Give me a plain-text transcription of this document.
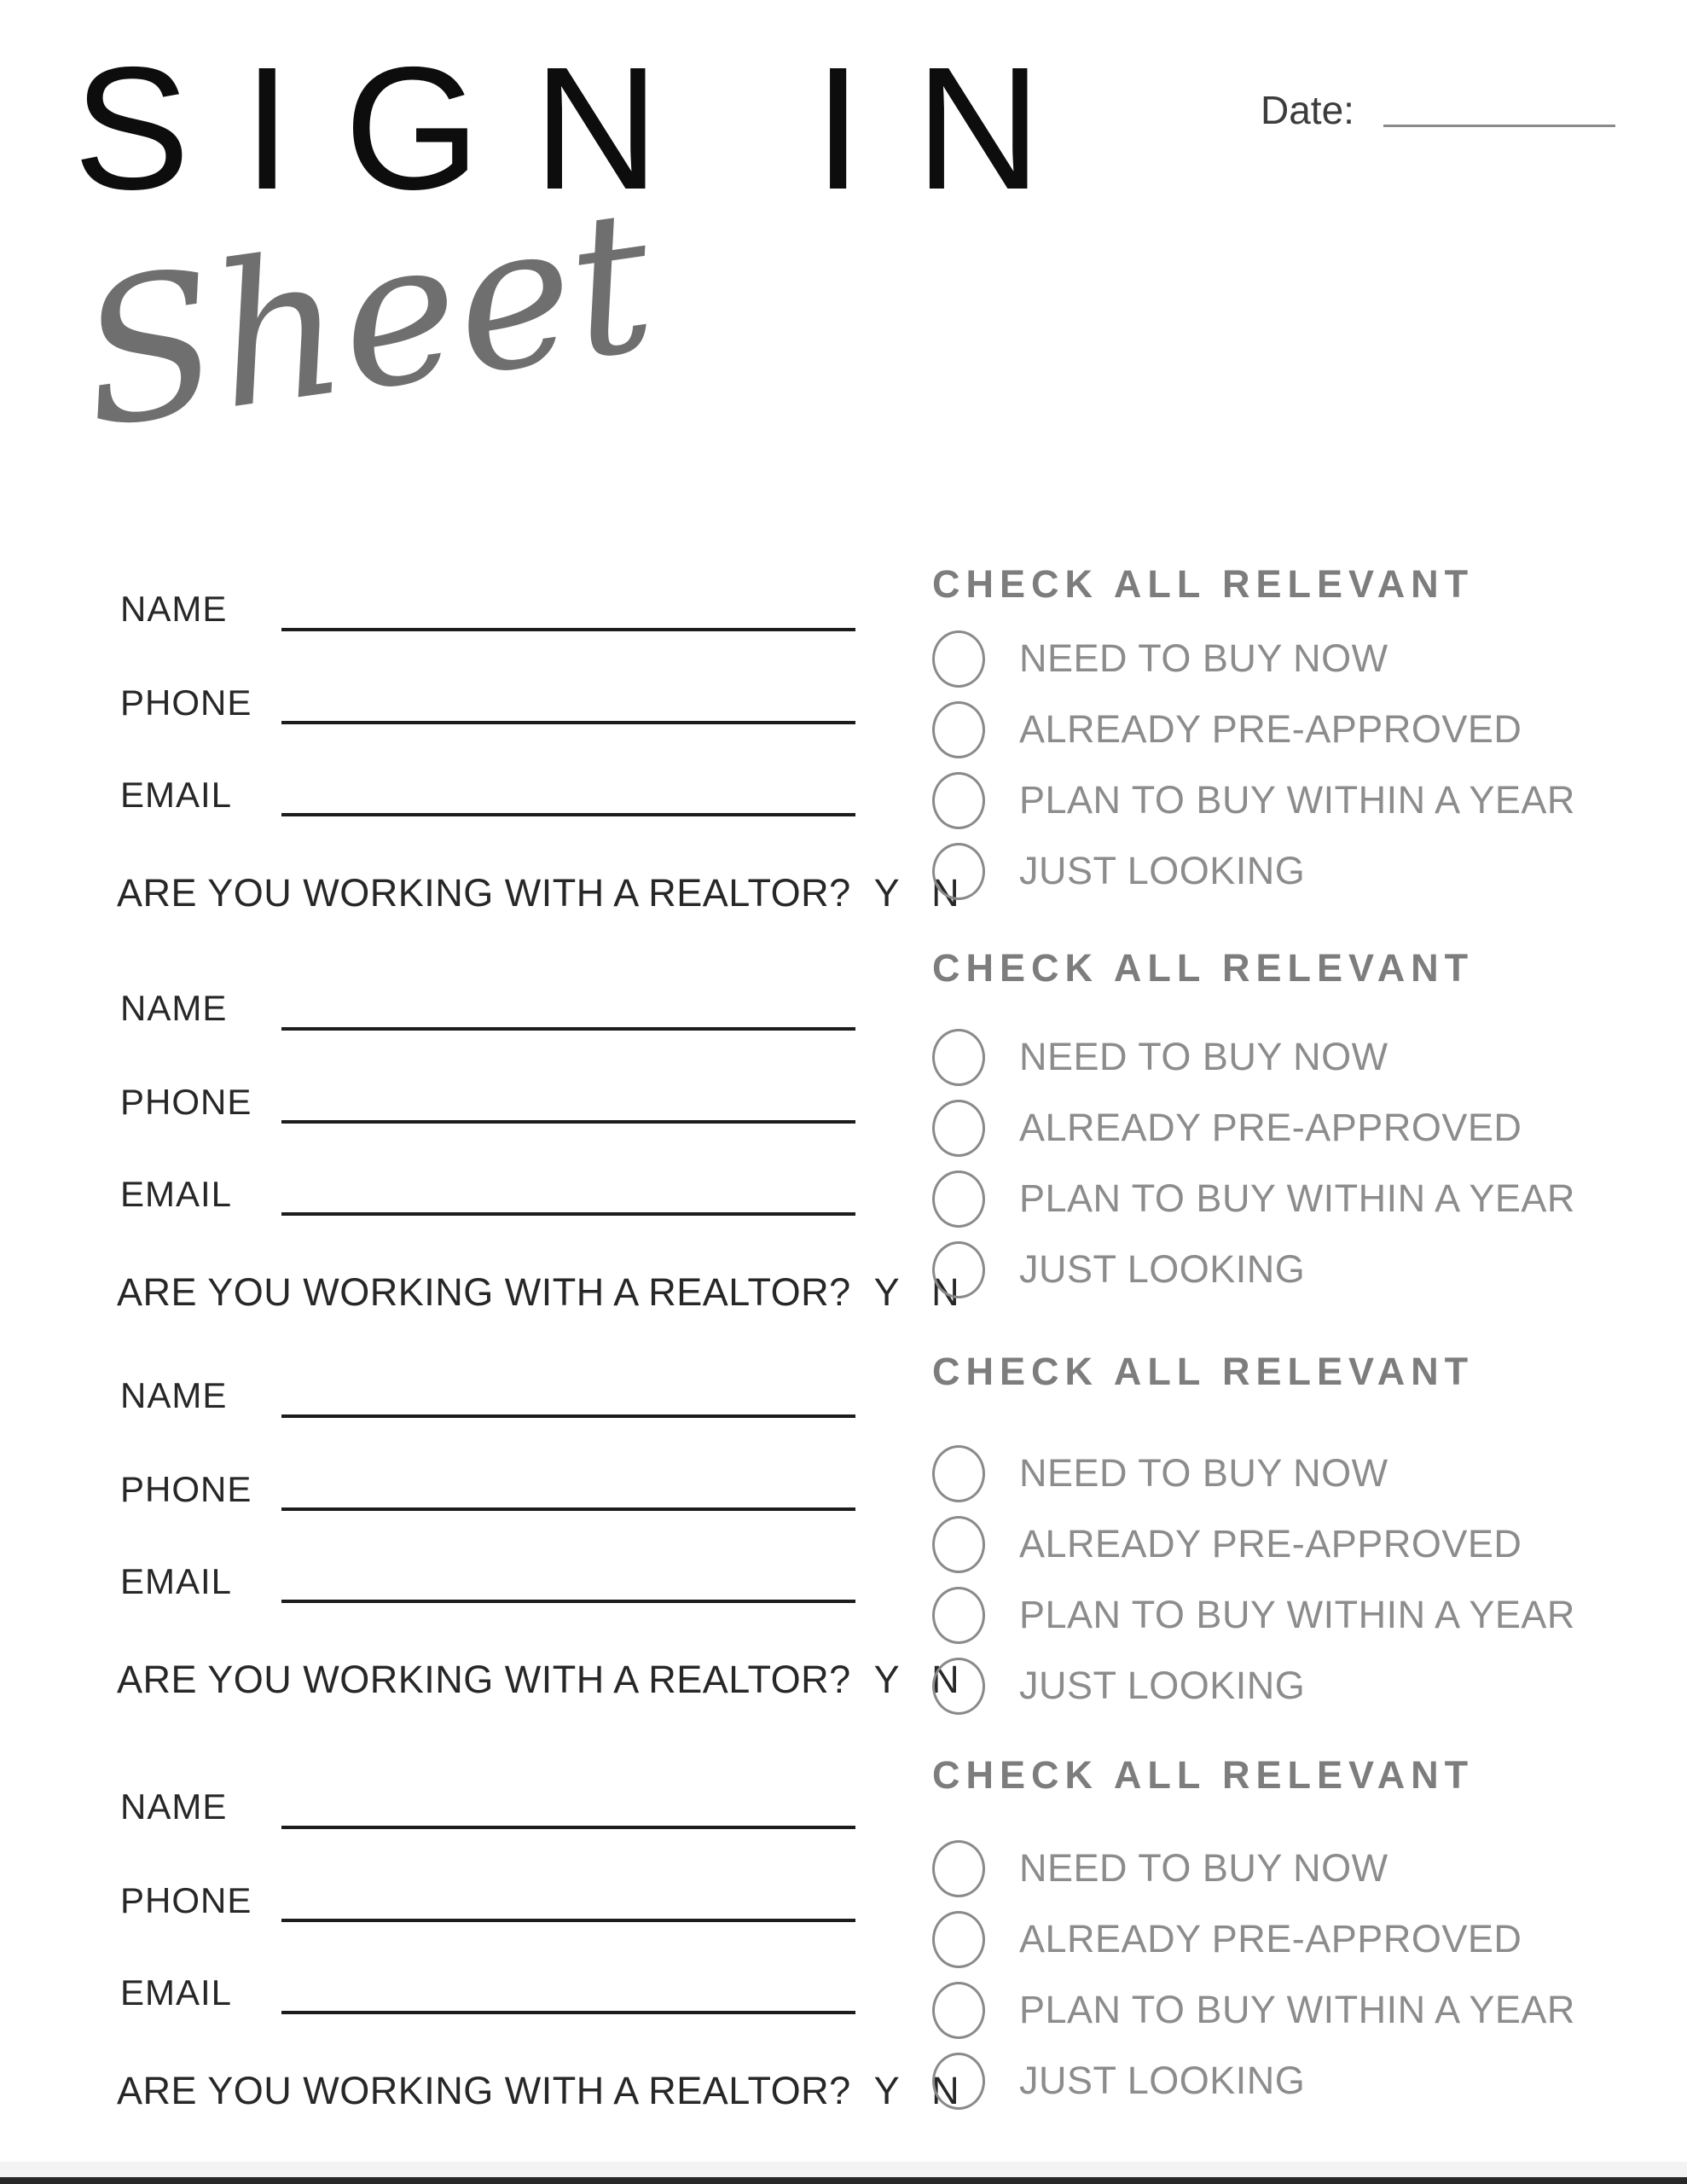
SIGN IN
Sheet
Date:
NAME
PHONE
EMAIL
ARE YOU WORKING WITH A REALTOR? Y N
NAME
PHONE
EMAIL
ARE YOU WORKING WITH A REALTOR? Y N
NAME
PHONE
EMAIL
ARE YOU WORKING WITH A REALTOR? Y N
NAME
PHONE
EMAIL
ARE YOU WORKING WITH A REALTOR? Y N
CHECK ALL RELEVANT
NEED TO BUY NOW
ALREADY PRE-APPROVED
PLAN TO BUY WITHIN A YEAR
JUST LOOKING
CHECK ALL RELEVANT
NEED TO BUY NOW
ALREADY PRE-APPROVED
PLAN TO BUY WITHIN A YEAR
JUST LOOKING
CHECK ALL RELEVANT
NEED TO BUY NOW
ALREADY PRE-APPROVED
PLAN TO BUY WITHIN A YEAR
JUST LOOKING
CHECK ALL RELEVANT
NEED TO BUY NOW
ALREADY PRE-APPROVED
PLAN TO BUY WITHIN A YEAR
JUST LOOKING
